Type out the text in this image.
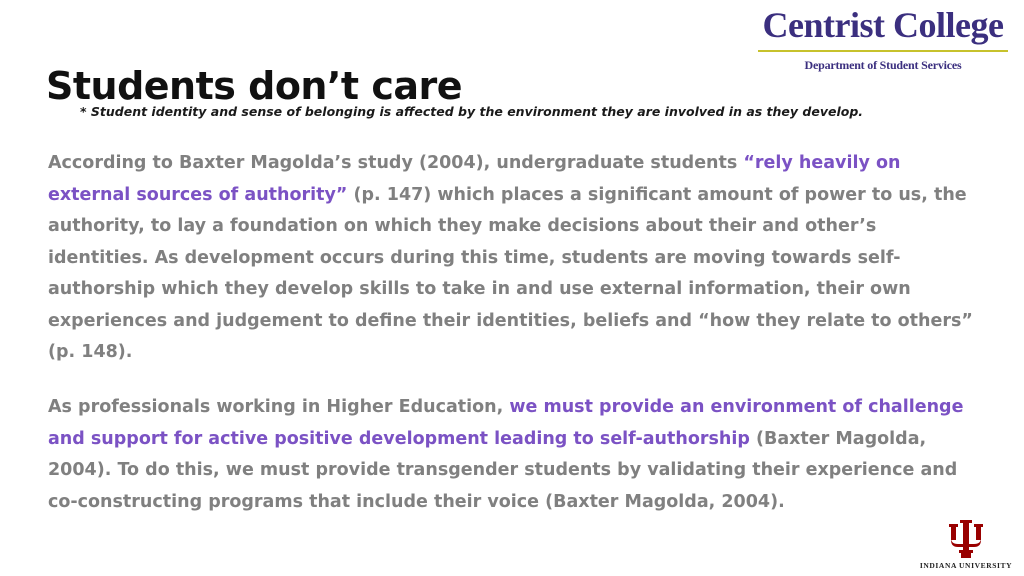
Centrist College
Department of Student Services
Students don’t care
* Student identity and sense of belonging is affected by the environment they are involved in as they develop.

According to Baxter Magolda’s study (2004), undergraduate students “rely heavily on external sources of authority” (p. 147) which places a significant amount of power to us, the authority, to lay a foundation on which they make decisions about their and other’s identities. As development occurs during this time, students are moving towards self-authorship which they develop skills to take in and use external information, their own experiences and judgement to define their identities, beliefs and “how they relate to others” (p. 148).

As professionals working in Higher Education, we must provide an environment of challenge and support for active positive development leading to self-authorship (Baxter Magolda, 2004). To do this, we must provide transgender students by validating their experience and co-constructing programs that include their voice (Baxter Magolda, 2004).

INDIANA UNIVERSITY
